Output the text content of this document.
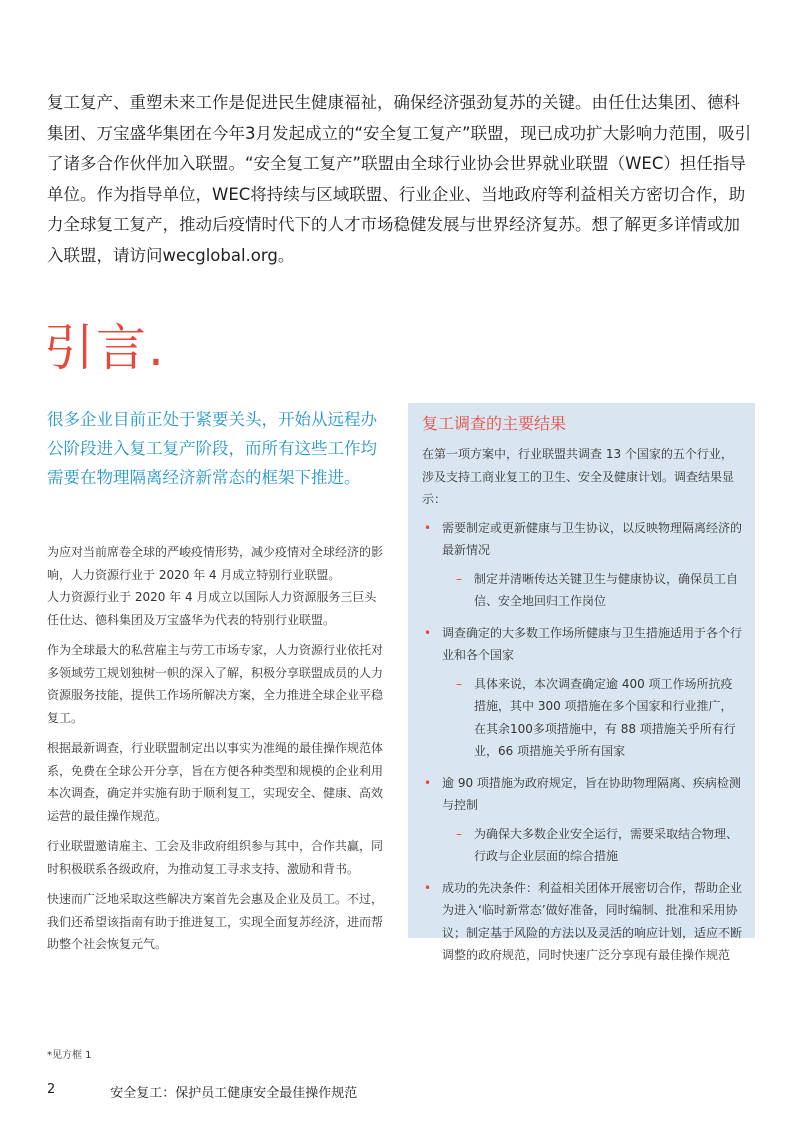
复工复产、重塑未来工作是促进民生健康福祉，确保经济强劲复苏的关键。由任仕达集团、德科集团、万宝盛华集团在今年3月发起成立的“安全复工复产”联盟，现已成功扩大影响力范围，吸引了诸多合作伙伴加入联盟。“安全复工复产”联盟由全球行业协会世界就业联盟（WEC）担任指导单位。作为指导单位，WEC将持续与区域联盟、行业企业、当地政府等利益相关方密切合作，助力全球复工复产，推动后疫情时代下的人才市场稳健发展与世界经济复苏。想了解更多详情或加入联盟，请访问wecglobal.org。

引言.
很多企业目前正处于紧要关头，开始从远程办公阶段进入复工复产阶段，而所有这些工作均需要在物理隔离经济新常态的框架下推进。

为应对当前席卷全球的严峻疫情形势，减少疫情对全球经济的影响，人力资源行业于 2020 年 4 月成立特别行业联盟。

人力资源行业于 2020 年 4 月成立以国际人力资源服务三巨头任仕达、德科集团及万宝盛华为代表的特别行业联盟。

作为全球最大的私营雇主与劳工市场专家，人力资源行业依托对多领域劳工规划独树一帜的深入了解，积极分享联盟成员的人力资源服务技能，提供工作场所解决方案，全力推进全球企业平稳复工。

根据最新调查，行业联盟制定出以事实为准绳的最佳操作规范体系，免费在全球公开分享，旨在方便各种类型和规模的企业利用本次调查，确定并实施有助于顺利复工，实现安全、健康、高效运营的最佳操作规范。

行业联盟邀请雇主、工会及非政府组织参与其中，合作共赢，同时积极联系各级政府，为推动复工寻求支持、激励和背书。

快速而广泛地采取这些解决方案首先会惠及企业及员工。不过，我们还希望该指南有助于推进复工，实现全面复苏经济，进而帮助整个社会恢复元气。

复工调查的主要结果
在第一项方案中，行业联盟共调查 13 个国家的五个行业，涉及支持工商业复工的卫生、安全及健康计划。调查结果显示：
• 需要制定或更新健康与卫生协议，以反映物理隔离经济的最新情况
– 制定并清晰传达关键卫生与健康协议，确保员工自信、安全地回归工作岗位
• 调查确定的大多数工作场所健康与卫生措施适用于各个行业和各个国家
– 具体来说，本次调查确定逾 400 项工作场所抗疫措施，其中 300 项措施在多个国家和行业推广，在其余100多项措施中，有 88 项措施关乎所有行业，66 项措施关乎所有国家
• 逾 90 项措施为政府规定，旨在协助物理隔离、疾病检测与控制
– 为确保大多数企业安全运行，需要采取结合物理、行政与企业层面的综合措施
• 成功的先决条件：利益相关团体开展密切合作，帮助企业为进入‘临时新常态’做好准备，同时编制、批准和采用协议；制定基于风险的方法以及灵活的响应计划，适应不断调整的政府规范，同时快速广泛分享现有最佳操作规范
*见方框 1
2	安全复工：保护员工健康安全最佳操作规范
